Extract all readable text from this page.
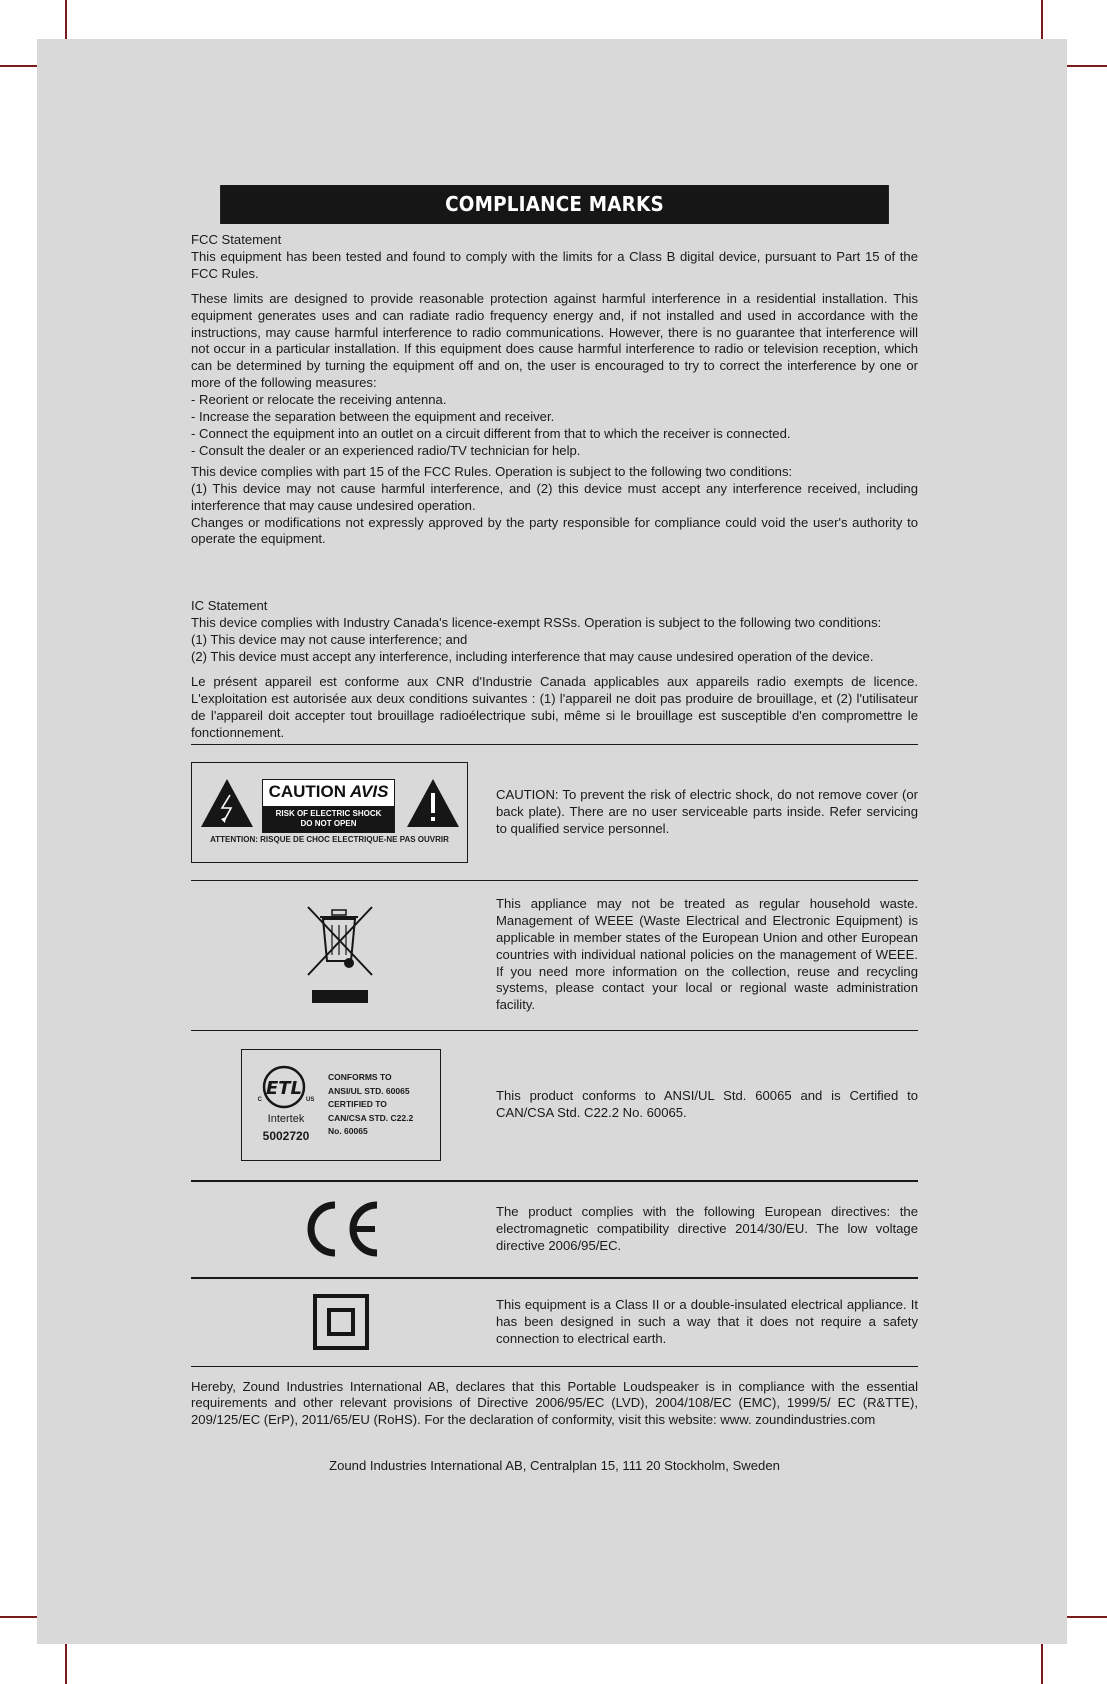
COMPLIANCE MARKS

FCC Statement

This equipment has been tested and found to comply with the limits for a Class B digital device, pursuant to Part 15 of the FCC Rules.

These limits are designed to provide reasonable protection against harmful interference in a residential installation. This equipment generates uses and can radiate radio frequency energy and, if not installed and used in accordance with the instructions, may cause harmful interference to radio communications. However, there is no guarantee that interference will not occur in a particular installation. If this equipment does cause harmful interference to radio or television reception, which can be determined by turning the equipment off and on, the user is encouraged to try to correct the interference by one or more of the following measures:

- Reorient or relocate the receiving antenna.

- Increase the separation between the equipment and receiver.

- Connect the equipment into an outlet on a circuit different from that to which the receiver is connected.

- Consult the dealer or an experienced radio/TV technician for help.

This device complies with part 15 of the FCC Rules. Operation is subject to the following two conditions:

(1) This device may not cause harmful interference, and (2) this device must accept any interference received, including interference that may cause undesired operation.

Changes or modifications not expressly approved by the party responsible for compliance could void the user's authority to operate the equipment.

IC Statement

This device complies with Industry Canada's licence-exempt RSSs. Operation is subject to the following two conditions:

(1) This device may not cause interference; and

(2) This device must accept any interference, including interference that may cause undesired operation of the device.

Le présent appareil est conforme aux CNR d'Industrie Canada applicables aux appareils radio exempts de licence. L'exploitation est autorisée aux deux conditions suivantes : (1) l'appareil ne doit pas produire de brouillage, et (2) l'utilisateur de l'appareil doit accepter tout brouillage radioélectrique subi, même si le brouillage est susceptible d'en compromettre le fonctionnement.

CAUTION AVIS
RISK OF ELECTRIC SHOCK
DO NOT OPEN
ATTENTION: RISQUE DE CHOC ELECTRIQUE-NE PAS OUVRIR

CAUTION: To prevent the risk of electric shock, do not remove cover (or back plate). There are no user serviceable parts inside. Refer servicing to qualified service personnel.

This appliance may not be treated as regular household waste. Management of WEEE (Waste Electrical and Electronic Equipment) is applicable in member states of the European Union and other European countries with individual national policies on the management of WEEE. If you need more information on the collection, reuse and recycling systems, please contact your local or regional waste administration facility.

C
ETL
US
Intertek
5002720
CONFORMS TO
ANSI/UL STD. 60065
CERTIFIED TO
CAN/CSA STD. C22.2
No. 60065

This product conforms to ANSI/UL Std. 60065 and is Certified to CAN/CSA Std. C22.2 No. 60065.

The product complies with the following European directives: the electromagnetic compatibility directive 2014/30/EU. The low voltage directive 2006/95/EC.

This equipment is a Class II or a double-insulated electrical appliance. It has been designed in such a way that it does not require a safety connection to electrical earth.

Hereby, Zound Industries International AB, declares that this Portable Loudspeaker is in compliance with the essential requirements and other relevant provisions of Directive 2006/95/EC (LVD), 2004/108/EC (EMC), 1999/5/ EC (R&TTE), 209/125/EC (ErP), 2011/65/EU (RoHS). For the declaration of conformity, visit this website: www. zoundindustries.com

Zound Industries International AB, Centralplan 15, 111 20 Stockholm, Sweden
